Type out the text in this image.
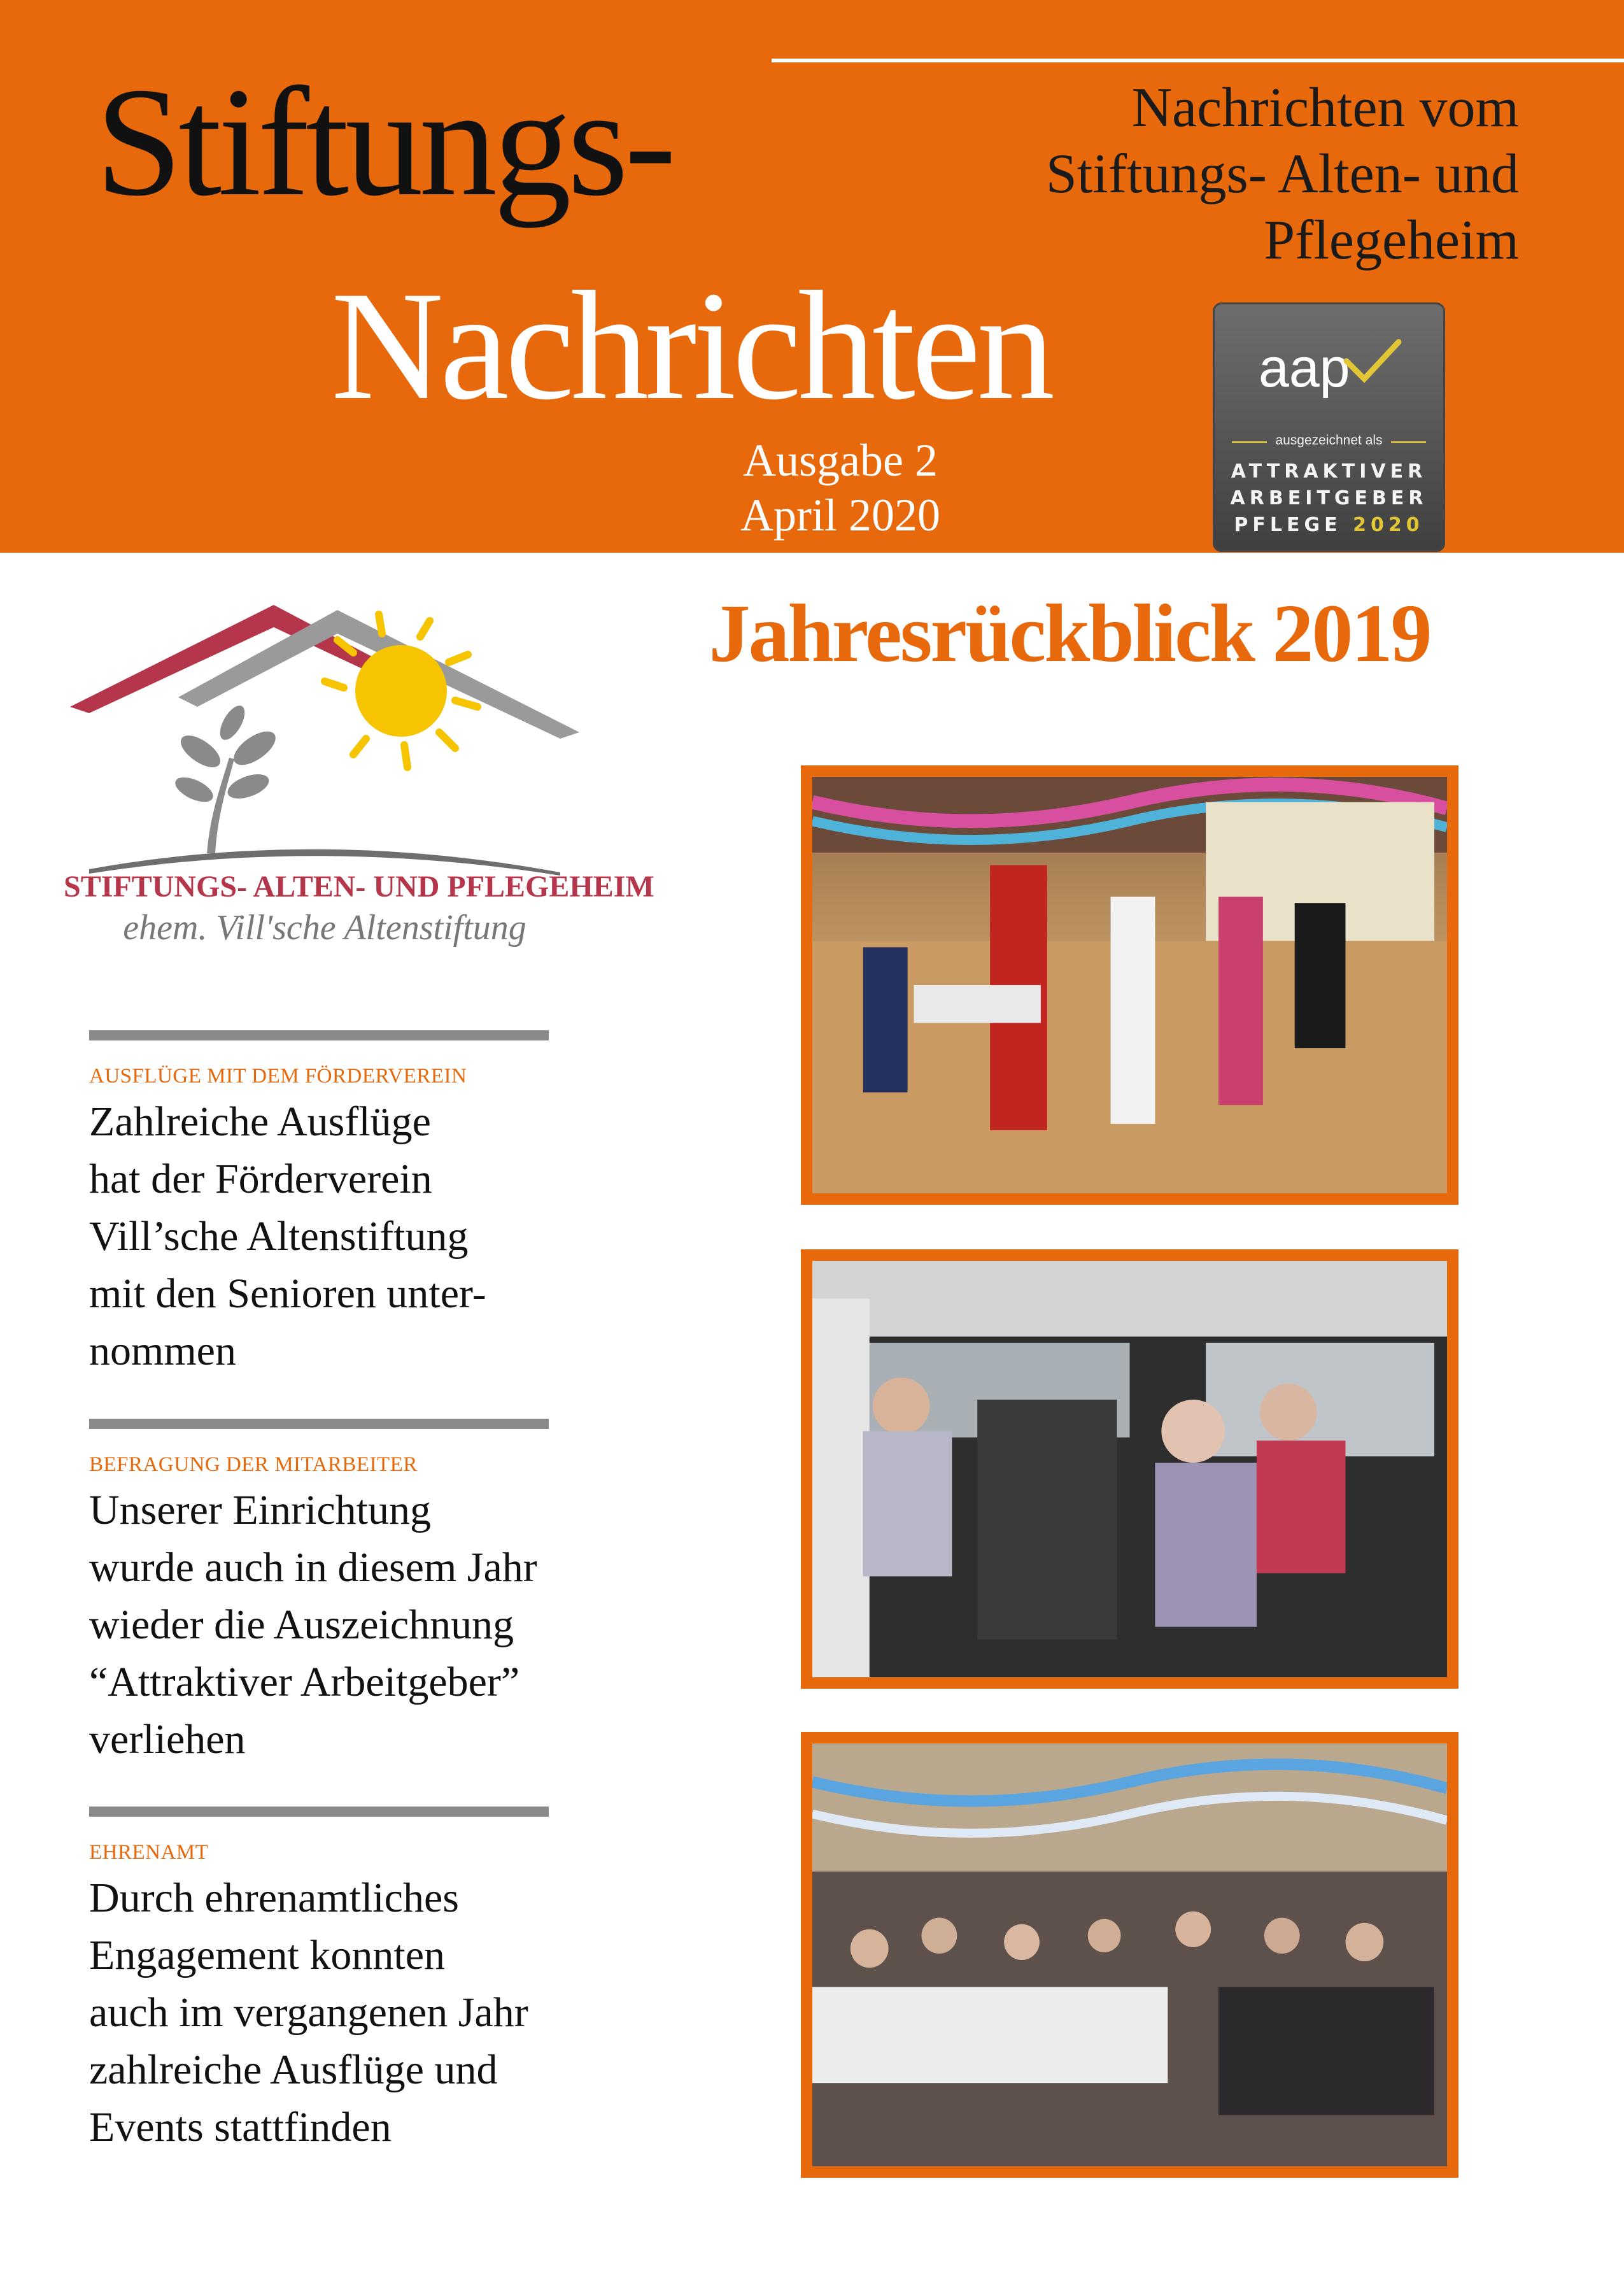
Stiftungs-
Nachrichten
Ausgabe 2
April 2020
Nachrichten vom
Stiftungs- Alten- und
Pflegeheim
aap
ausgezeichnet als
ATTRAKTIVER
ARBEITGEBER
PFLEGE 2020
Jahresrückblick 2019
STIFTUNGS- ALTEN- UND PFLEGEHEIM
ehem. Vill'sche Altenstiftung
AUSFLÜGE MIT DEM FÖRDERVEREIN
Zahlreiche Ausflüge
hat der Förderverein
Vill’sche Altenstiftung
mit den Senioren unter-
nommen
BEFRAGUNG DER MITARBEITER
Unserer Einrichtung
wurde auch in diesem Jahr
wieder die Auszeichnung
“Attraktiver Arbeitgeber”
verliehen
EHRENAMT
Durch ehrenamtliches
Engagement konnten
auch im vergangenen Jahr
zahlreiche Ausflüge und
Events stattfinden
